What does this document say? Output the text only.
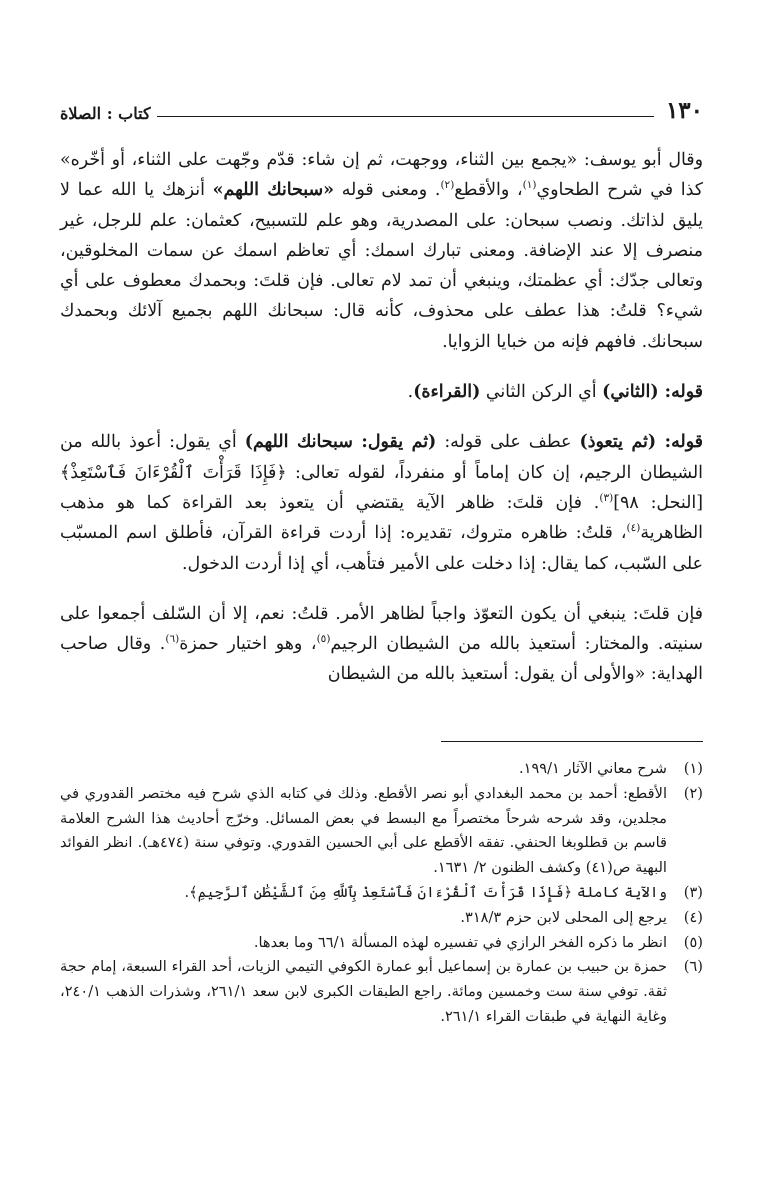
١٣٠
كتاب : الصلاة

وقال أبو يوسف: «يجمع بين الثناء، ووجهت، ثم إن شاء: قدّم وجّهت على الثناء، أو أخّره» كذا في شرح الطحاوي$^{(١)}$، والأقطع$^{(٢)}$. ومعنى قوله «سبحانك اللهم» أنزهك يا الله عما لا يليق لذاتك. ونصب سبحان: على المصدرية، وهو علم للتسبيح، كعثمان: علم للرجل، غير منصرف إلا عند الإضافة. ومعنى تبارك اسمك: أي تعاظم اسمك عن سمات المخلوقين، وتعالى جدّك: أي عظمتك، وينبغي أن تمد لام تعالى. فإن قلتَ: وبحمدك معطوف على أي شيء؟ قلتُ: هذا عطف على محذوف، كأنه قال: سبحانك اللهم بجميع آلائك وبحمدك سبحانك. فافهم فإنه من خبايا الزوايا.

قوله: (الثاني) أي الركن الثاني (القراءة).

قوله: (ثم يتعوذ) عطف على قوله: (ثم يقول: سبحانك اللهم) أي يقول: أعوذ بالله من الشيطان الرجيم، إن كان إماماً أو منفرداً، لقوله تعالى: ﴿فَإِذَا قَرَأْتَ ٱلْقُرْءَانَ فَٱسْتَعِذْ﴾ [النحل: ٩٨]$^{(٣)}$. فإن قلتَ: ظاهر الآية يقتضي أن يتعوذ بعد القراءة كما هو مذهب الظاهرية$^{(٤)}$، قلتُ: ظاهره متروك، تقديره: إذا أردت قراءة القرآن، فأطلق اسم المسبّب على السّبب، كما يقال: إذا دخلت على الأمير فتأهب، أي إذا أردت الدخول.

فإن قلتَ: ينبغي أن يكون التعوّذ واجباً لظاهر الأمر. قلتُ: نعم، إلا أن السّلف أجمعوا على سنيته. والمختار: أستعيذ بالله من الشيطان الرجيم$^{(٥)}$، وهو اختيار حمزة$^{(٦)}$. وقال صاحب الهداية: «والأولى أن يقول: أستعيذ بالله من الشيطان

(١)
شرح معاني الآثار ١٩٩/١.
(٢)
الأقطع: أحمد بن محمد البغدادي أبو نصر الأقطع. وذلك في كتابه الذي شرح فيه مختصر القدوري في مجلدين، وقد شرحه شرحاً مختصراً مع البسط في بعض المسائل. وخرّج أحاديث هذا الشرح العلامة قاسم بن قطلوبغا الحنفي. تفقه الأقطع على أبي الحسين القدوري. وتوفي سنة (٤٧٤هـ). انظر الفوائد البهية ص(٤١) وكشف الظنون ٢/ ١٦٣١.
(٣)
والآية كاملة ﴿فَإِذَا قَرَأْتَ ٱلْقُرْءَانَ فَٱسْتَعِذْ بِٱللَّهِ مِنَ ٱلشَّيْطَٰنِ ٱلرَّجِيمِ﴾.
(٤)
يرجع إلى المحلى لابن حزم ٣١٨/٣.
(٥)
انظر ما ذكره الفخر الرازي في تفسيره لهذه المسألة ٦٦/١ وما بعدها.
(٦)
حمزة بن حبيب بن عمارة بن إسماعيل أبو عمارة الكوفي التيمي الزيات، أحد القراء السبعة، إمام حجة ثقة. توفي سنة ست وخمسين ومائة. راجع الطبقات الكبرى لابن سعد ٢٦١/١، وشذرات الذهب ٢٤٠/١، وغاية النهاية في طبقات القراء ٢٦١/١.
